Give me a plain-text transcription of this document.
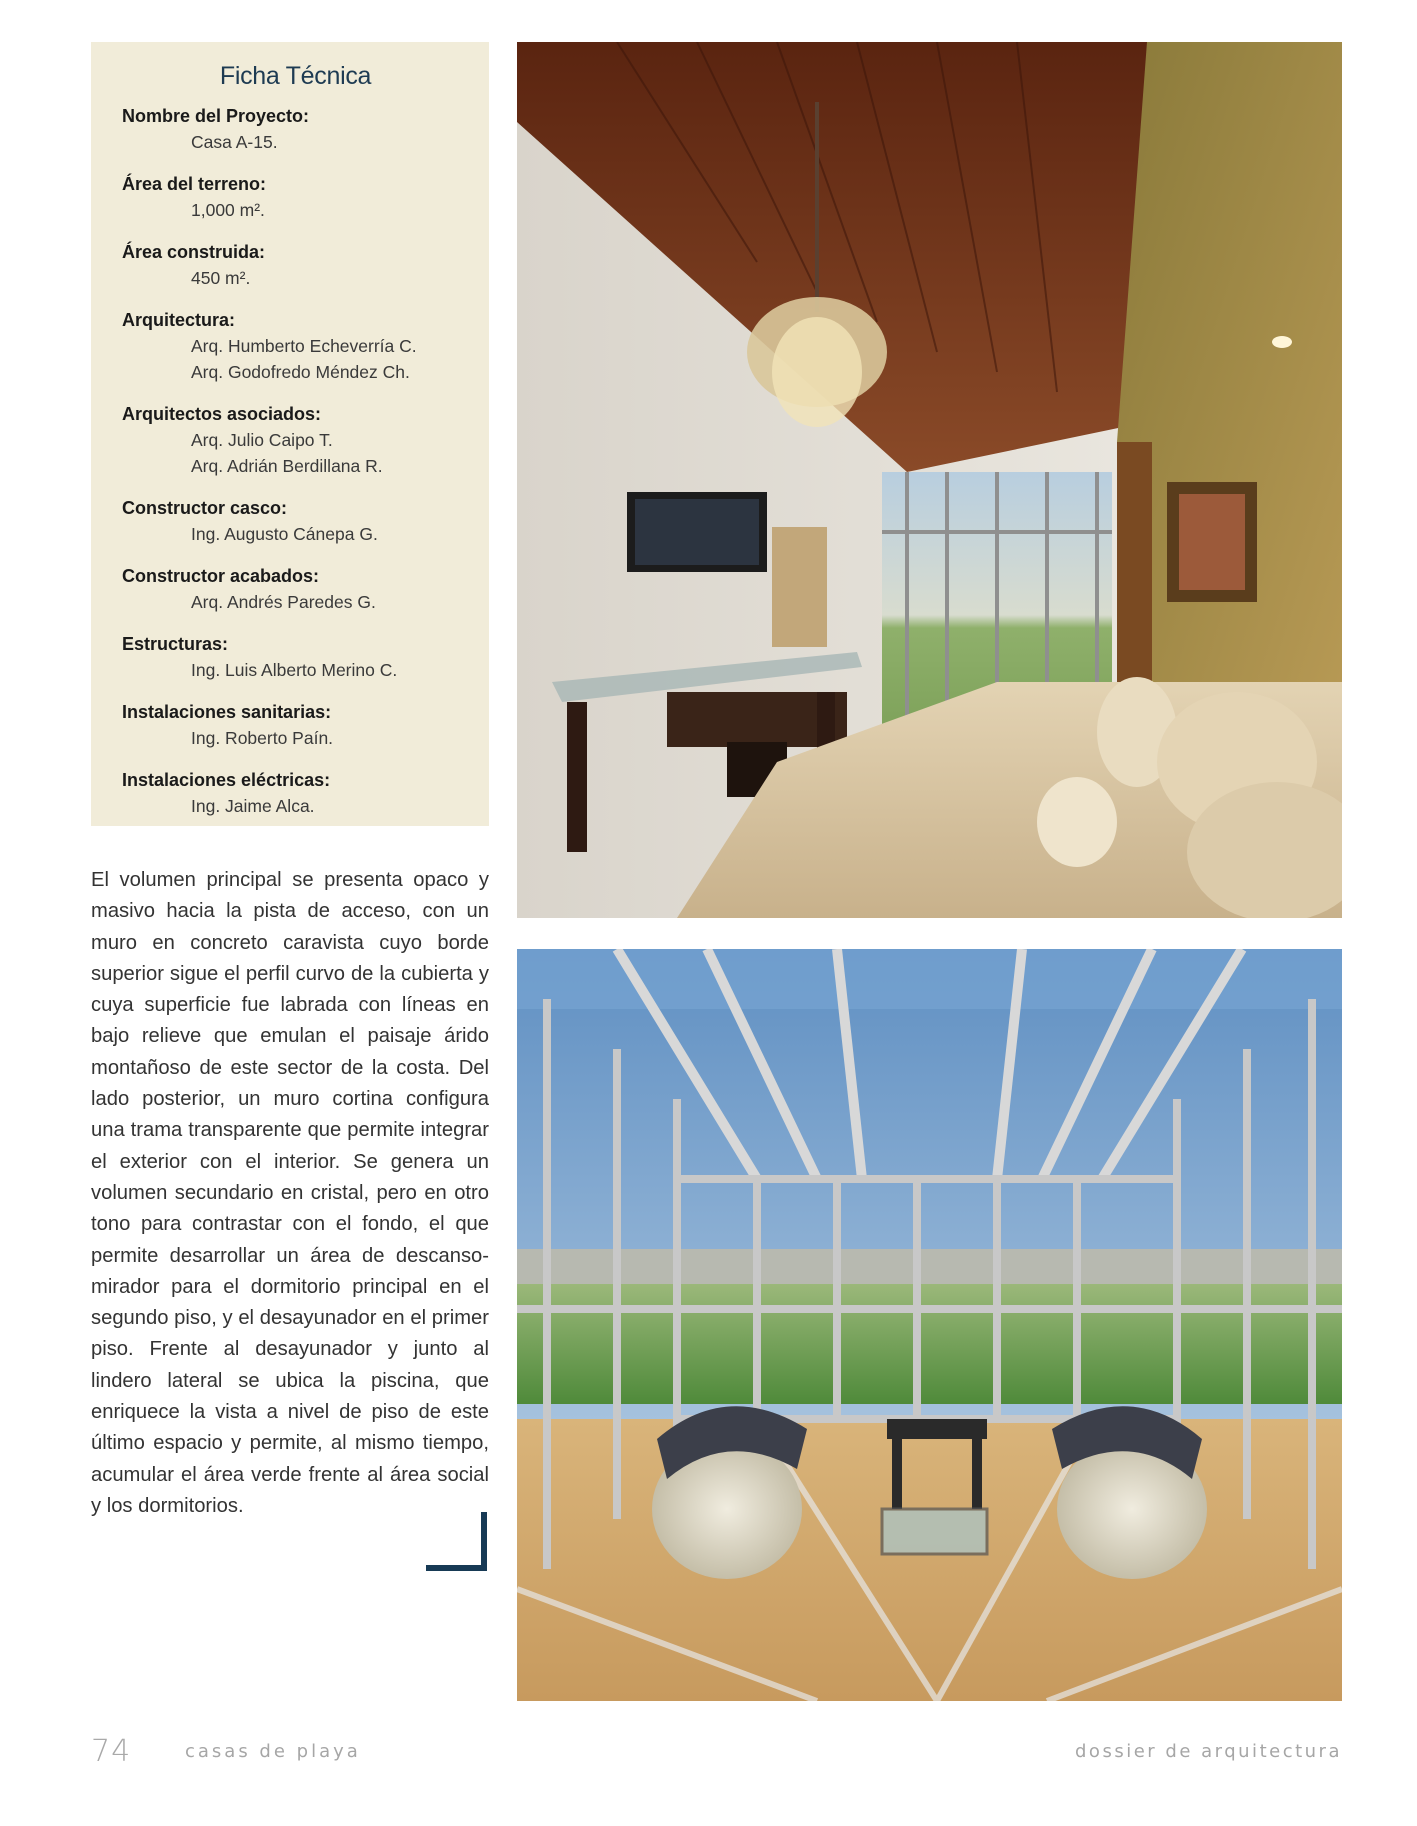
Ficha Técnica
Nombre del Proyecto:
Casa A-15.
Área del terreno:
1,000 m².
Área construida:
450 m².
Arquitectura:
Arq. Humberto Echeverría C.
Arq. Godofredo Méndez Ch.
Arquitectos asociados:
Arq. Julio Caipo T.
Arq. Adrián Berdillana R.
Constructor casco:
Ing. Augusto Cánepa G.
Constructor acabados:
Arq. Andrés Paredes G.
Estructuras:
Ing. Luis Alberto Merino C.
Instalaciones sanitarias:
Ing. Roberto Paín.
Instalaciones eléctricas:
Ing. Jaime Alca.

El volumen principal se presenta opaco y masivo hacia la pista de acceso, con un muro en concreto caravista cuyo borde superior sigue el perfil curvo de la cubierta y cuya superficie fue labrada con líneas en bajo relieve que emulan el paisaje árido montañoso de este sector de la costa. Del lado posterior, un muro cortina configura una trama transparente que permite integrar el exterior con el interior. Se genera un volumen secundario en cristal, pero en otro tono para contrastar con el fondo, el que permite desarrollar un área de descanso-mirador para el dormitorio principal en el segundo piso, y el desayunador en el primer piso. Frente al desayunador y junto al lindero lateral se ubica la piscina, que enriquece la vista a nivel de piso de este último espacio y permite, al mismo tiempo, acumular el área verde frente al área social y los dormitorios.

74	casas de playa	dossier de arquitectura
